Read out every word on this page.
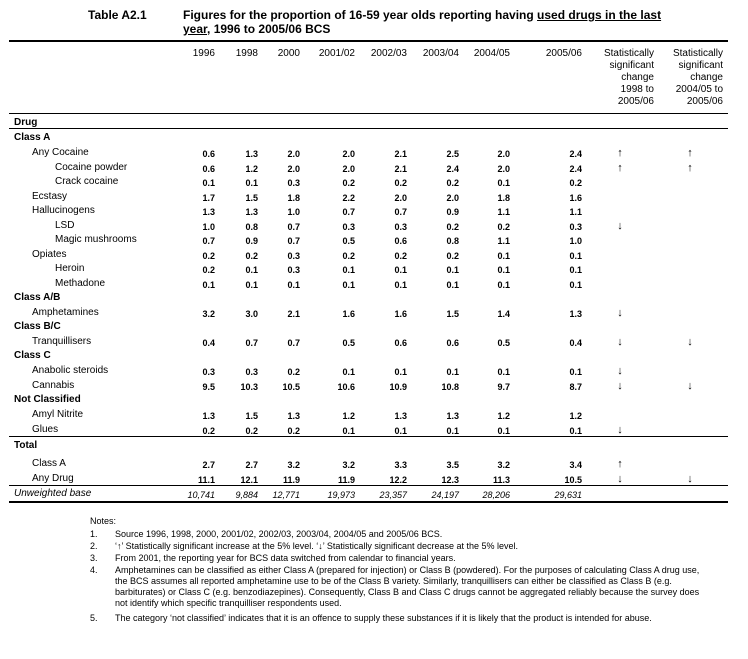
Table A2.1	Figures for the proportion of 16-59 year olds reporting having used drugs in the last year, 1996 to 2005/06 BCS
1996	1998	2000	2001/02	2002/03	2003/04	2004/05	2005/06	Statistically
significant
change
1998 to
2005/06
Statistically
significant
change
2004/05 to
2005/06
Drug
Class A
Any Cocaine	0.6	1.3	2.0	2.0	2.1	2.5	2.0	2.4	↑	↑
Cocaine powder	0.6	1.2	2.0	2.0	2.1	2.4	2.0	2.4	↑	↑
Crack cocaine	0.1	0.1	0.3	0.2	0.2	0.2	0.1	0.2
Ecstasy	1.7	1.5	1.8	2.2	2.0	2.0	1.8	1.6
Hallucinogens	1.3	1.3	1.0	0.7	0.7	0.9	1.1	1.1
LSD	1.0	0.8	0.7	0.3	0.3	0.2	0.2	0.3	↓
Magic mushrooms	0.7	0.9	0.7	0.5	0.6	0.8	1.1	1.0
Opiates	0.2	0.2	0.3	0.2	0.2	0.2	0.1	0.1
Heroin	0.2	0.1	0.3	0.1	0.1	0.1	0.1	0.1
Methadone	0.1	0.1	0.1	0.1	0.1	0.1	0.1	0.1
Class A/B
Amphetamines	3.2	3.0	2.1	1.6	1.6	1.5	1.4	1.3	↓
Class B/C
Tranquillisers	0.4	0.7	0.7	0.5	0.6	0.6	0.5	0.4	↓	↓
Class C
Anabolic steroids	0.3	0.3	0.2	0.1	0.1	0.1	0.1	0.1	↓
Cannabis	9.5	10.3	10.5	10.6	10.9	10.8	9.7	8.7	↓	↓
Not Classified
Amyl Nitrite	1.3	1.5	1.3	1.2	1.3	1.3	1.2	1.2
Glues	0.2	0.2	0.2	0.1	0.1	0.1	0.1	0.1	↓
Total
Class A	2.7	2.7	3.2	3.2	3.3	3.5	3.2	3.4	↑
Any Drug	11.1	12.1	11.9	11.9	12.2	12.3	11.3	10.5	↓	↓
Unweighted base	10,741	9,884	12,771	19,973	23,357	24,197	28,206	29,631
Notes:
1. Source 1996, 1998, 2000, 2001/02, 2002/03, 2003/04, 2004/05 and 2005/06 BCS.
2. ‘↑’ Statistically significant increase at the 5% level. ‘↓’ Statistically significant decrease at the 5% level.
3. From 2001, the reporting year for BCS data switched from calendar to financial years.
4. Amphetamines can be classified as either Class A (prepared for injection) or Class B (powdered). For the purposes of calculating Class A drug use, the BCS assumes all reported amphetamine use to be of the Class B variety. Similarly, tranquillisers can either be classified as Class B (e.g. barbiturates) or Class C (e.g. benzodiazepines). Consequently, Class B and Class C drugs cannot be aggregated reliably because the survey does not identify which specific tranquilliser respondents used.
5. The category ‘not classified’ indicates that it is an offence to supply these substances if it is likely that the product is intended for abuse.
